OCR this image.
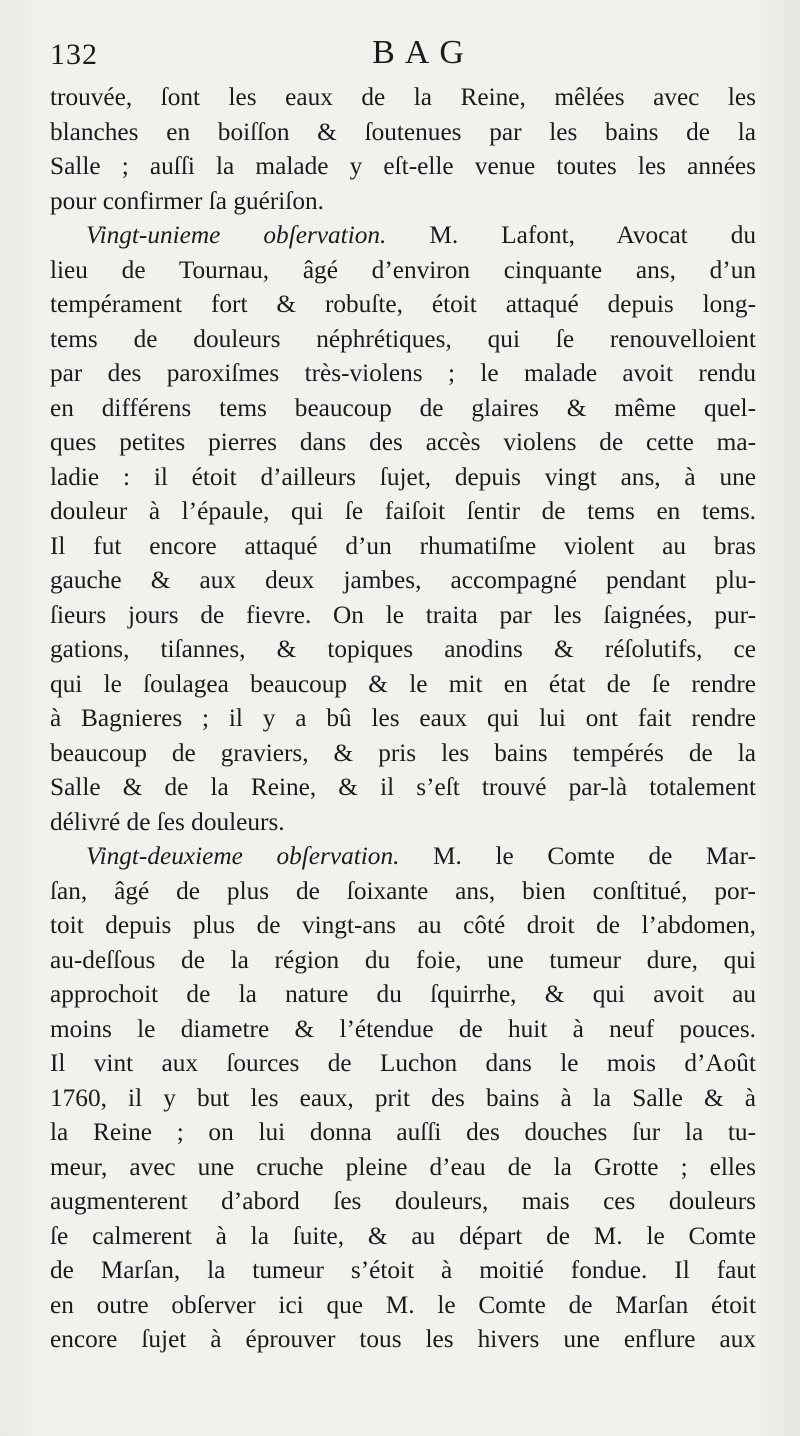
132	BAG
trouvée, ſont les eaux de la Reine, mêlées avec les
blanches en boiſſon & ſoutenues par les bains de la
Salle ; auſſi la malade y eſt-elle venue toutes les années
pour confirmer ſa guériſon.
Vingt-unieme obſervation. M. Lafont, Avocat du
lieu de Tournau, âgé d’environ cinquante ans, d’un
tempérament fort & robuſte, étoit attaqué depuis long-
tems de douleurs néphrétiques, qui ſe renouvelloient
par des paroxiſmes très-violens ; le malade avoit rendu
en différens tems beaucoup de glaires & même quel-
ques petites pierres dans des accès violens de cette ma-
ladie : il étoit d’ailleurs ſujet, depuis vingt ans, à une
douleur à l’épaule, qui ſe faiſoit ſentir de tems en tems.
Il fut encore attaqué d’un rhumatiſme violent au bras
gauche & aux deux jambes, accompagné pendant plu-
ſieurs jours de fievre. On le traita par les ſaignées, pur-
gations, tiſannes, & topiques anodins & réſolutifs, ce
qui le ſoulagea beaucoup & le mit en état de ſe rendre
à Bagnieres ; il y a bû les eaux qui lui ont fait rendre
beaucoup de graviers, & pris les bains tempérés de la
Salle & de la Reine, & il s’eſt trouvé par-là totalement
délivré de ſes douleurs.
Vingt-deuxieme obſervation. M. le Comte de Mar-
ſan, âgé de plus de ſoixante ans, bien conſtitué, por-
toit depuis plus de vingt-ans au côté droit de l’abdomen,
au-deſſous de la région du foie, une tumeur dure, qui
approchoit de la nature du ſquirrhe, & qui avoit au
moins le diametre & l’étendue de huit à neuf pouces.
Il vint aux ſources de Luchon dans le mois d’Août
1760, il y but les eaux, prit des bains à la Salle & à
la Reine ; on lui donna auſſi des douches ſur la tu-
meur, avec une cruche pleine d’eau de la Grotte ; elles
augmenterent d’abord ſes douleurs, mais ces douleurs
ſe calmerent à la ſuite, & au départ de M. le Comte
de Marſan, la tumeur s’étoit à moitié fondue. Il faut
en outre obſerver ici que M. le Comte de Marſan étoit
encore ſujet à éprouver tous les hivers une enflure aux
